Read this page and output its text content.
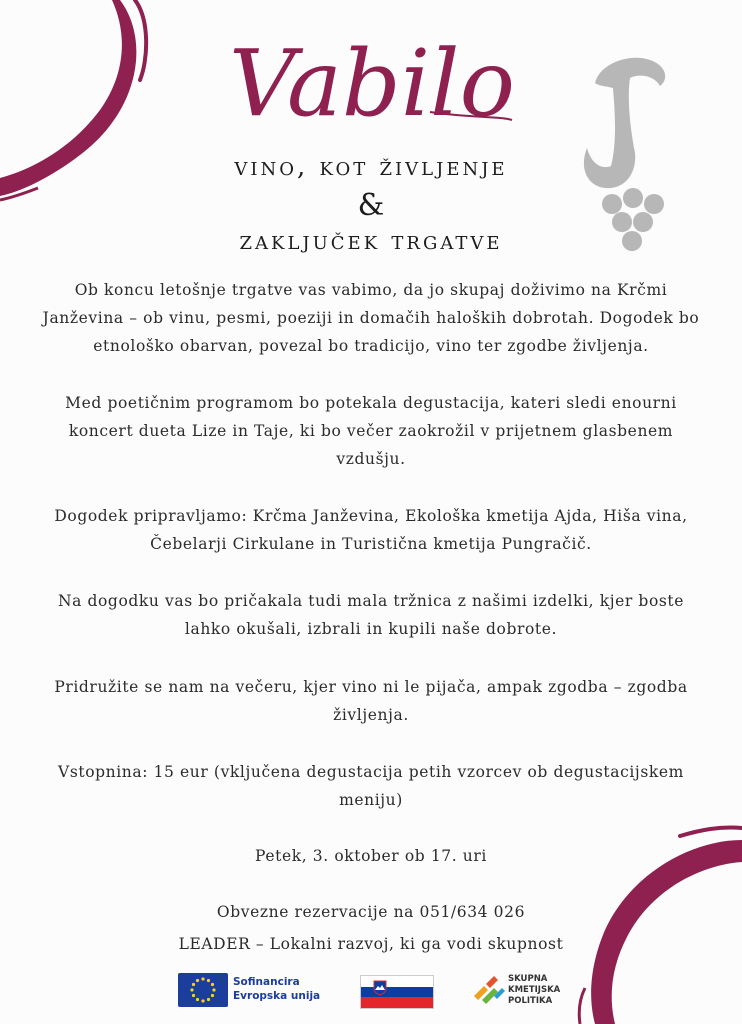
Vabilo
vino, kot življenje
&
zaključek trgatve
Ob koncu letošnje trgatve vas vabimo, da jo skupaj doživimo na Krčmi Janževina – ob vinu, pesmi, poeziji in domačih haloških dobrotah. Dogodek bo etnološko obarvan, povezal bo tradicijo, vino ter zgodbe življenja.
Med poetičnim programom bo potekala degustacija, kateri sledi enourni koncert dueta Lize in Taje, ki bo večer zaokrožil v prijetnem glasbenem vzdušju.
Dogodek pripravljamo: Krčma Janževina, Ekološka kmetija Ajda, Hiša vina, Čebelarji Cirkulane in Turistična kmetija Pungračič.
Na dogodku vas bo pričakala tudi mala tržnica z našimi izdelki, kjer boste lahko okušali, izbrali in kupili naše dobrote.
Pridružite se nam na večeru, kjer vino ni le pijača, ampak zgodba – zgodba življenja.
Vstopnina: 15 eur (vključena degustacija petih vzorcev ob degustacijskem meniju)
Petek, 3. oktober ob 17. uri
Obvezne rezervacije na 051/634 026
LEADER – Lokalni razvoj, ki ga vodi skupnost
Sofinancira
Evropska unija
SKUPNA
KMETIJSKA
POLITIKA
